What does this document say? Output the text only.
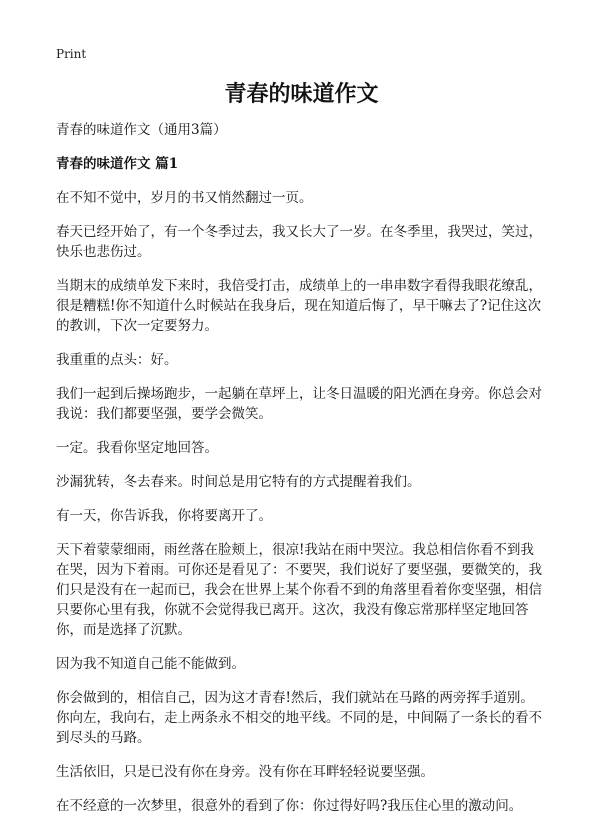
Print
青春的味道作文

青春的味道作文（通用3篇）

青春的味道作文 篇1

在不知不觉中，岁月的书又悄然翻过一页。

春天已经开始了，有一个冬季过去，我又长大了一岁。在冬季里，我哭过，笑过，快乐也悲伤过。

当期末的成绩单发下来时，我倍受打击，成绩单上的一串串数字看得我眼花缭乱，很是糟糕!你不知道什么时候站在我身后，现在知道后悔了，早干嘛去了?记住这次的教训，下次一定要努力。

我重重的点头：好。

我们一起到后操场跑步，一起躺在草坪上，让冬日温暖的阳光洒在身旁。你总会对我说：我们都要坚强，要学会微笑。

一定。我看你坚定地回答。

沙漏犹转，冬去春来。时间总是用它特有的方式提醒着我们。

有一天，你告诉我，你将要离开了。

天下着蒙蒙细雨，雨丝落在脸颊上，很凉!我站在雨中哭泣。我总相信你看不到我在哭，因为下着雨。可你还是看见了：不要哭，我们说好了要坚强，要微笑的，我们只是没有在一起而已，我会在世界上某个你看不到的角落里看着你变坚强，相信只要你心里有我，你就不会觉得我已离开。这次，我没有像忘常那样坚定地回答你，而是选择了沉默。

因为我不知道自己能不能做到。

你会做到的，相信自己，因为这才青春!然后，我们就站在马路的两旁挥手道别。你向左，我向右，走上两条永不相交的地平线。不同的是，中间隔了一条长的看不到尽头的马路。

生活依旧，只是已没有你在身旁。没有你在耳畔轻轻说要坚强。

在不经意的一次梦里，很意外的看到了你：你过得好吗?我压住心里的激动问。
